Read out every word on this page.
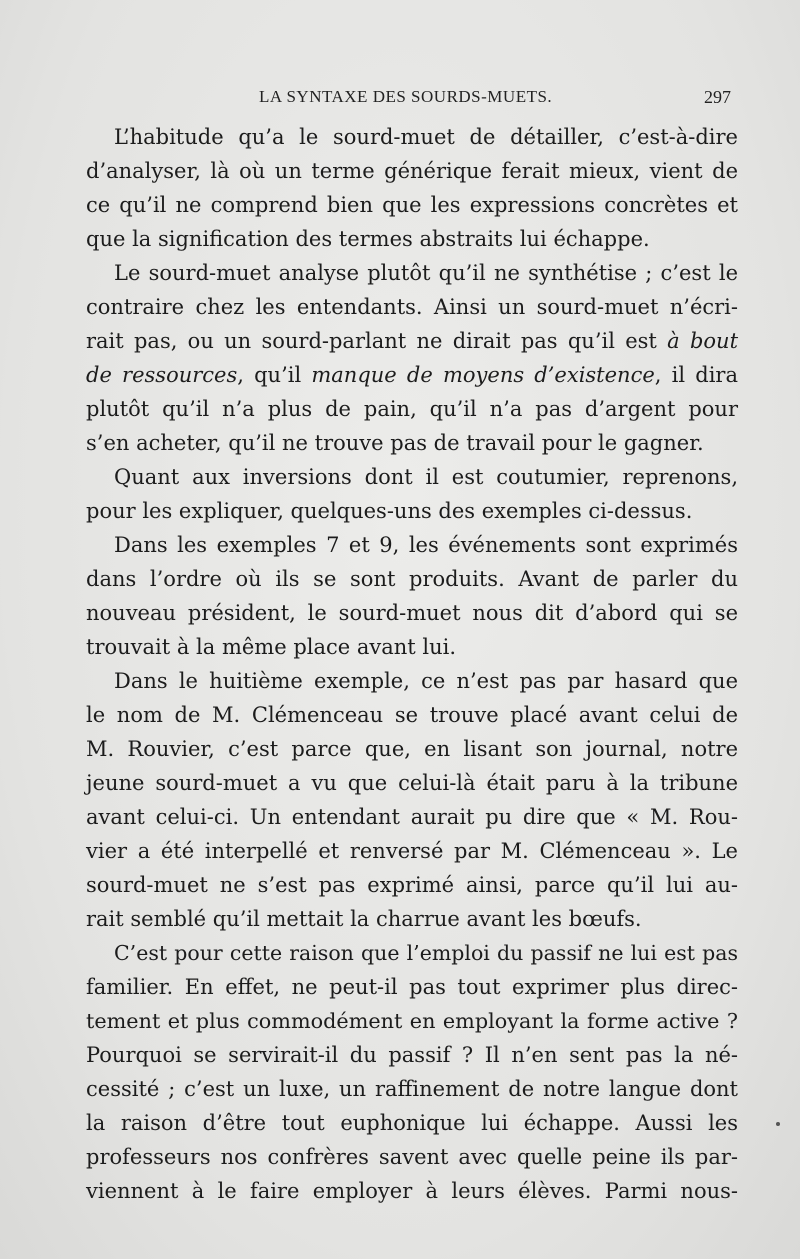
LA SYNTAXE DES SOURDS-MUETS.	297
L’habitude qu’a le sourd-muet de détailler, c’est-à-dire
d’analyser, là où un terme générique ferait mieux, vient de
ce qu’il ne comprend bien que les expressions concrètes et
que la signification des termes abstraits lui échappe.
Le sourd-muet analyse plutôt qu’il ne synthétise ; c’est le
contraire chez les entendants. Ainsi un sourd-muet n’écri-
rait pas, ou un sourd-parlant ne dirait pas qu’il est à bout
de ressources, qu’il manque de moyens d’existence, il dira
plutôt qu’il n’a plus de pain, qu’il n’a pas d’argent pour
s’en acheter, qu’il ne trouve pas de travail pour le gagner.
Quant aux inversions dont il est coutumier, reprenons,
pour les expliquer, quelques-uns des exemples ci-dessus.
Dans les exemples 7 et 9, les événements sont exprimés
dans l’ordre où ils se sont produits. Avant de parler du
nouveau président, le sourd-muet nous dit d’abord qui se
trouvait à la même place avant lui.
Dans le huitième exemple, ce n’est pas par hasard que
le nom de M. Clémenceau se trouve placé avant celui de
M. Rouvier, c’est parce que, en lisant son journal, notre
jeune sourd-muet a vu que celui-là était paru à la tribune
avant celui-ci. Un entendant aurait pu dire que « M. Rou-
vier a été interpellé et renversé par M. Clémenceau ». Le
sourd-muet ne s’est pas exprimé ainsi, parce qu’il lui au-
rait semblé qu’il mettait la charrue avant les bœufs.
C’est pour cette raison que l’emploi du passif ne lui est pas
familier. En effet, ne peut-il pas tout exprimer plus direc-
tement et plus commodément en employant la forme active ?
Pourquoi se servirait-il du passif ? Il n’en sent pas la né-
cessité ; c’est un luxe, un raffinement de notre langue dont
la raison d’être tout euphonique lui échappe. Aussi les
professeurs nos confrères savent avec quelle peine ils par-
viennent à le faire employer à leurs élèves. Parmi nous-
